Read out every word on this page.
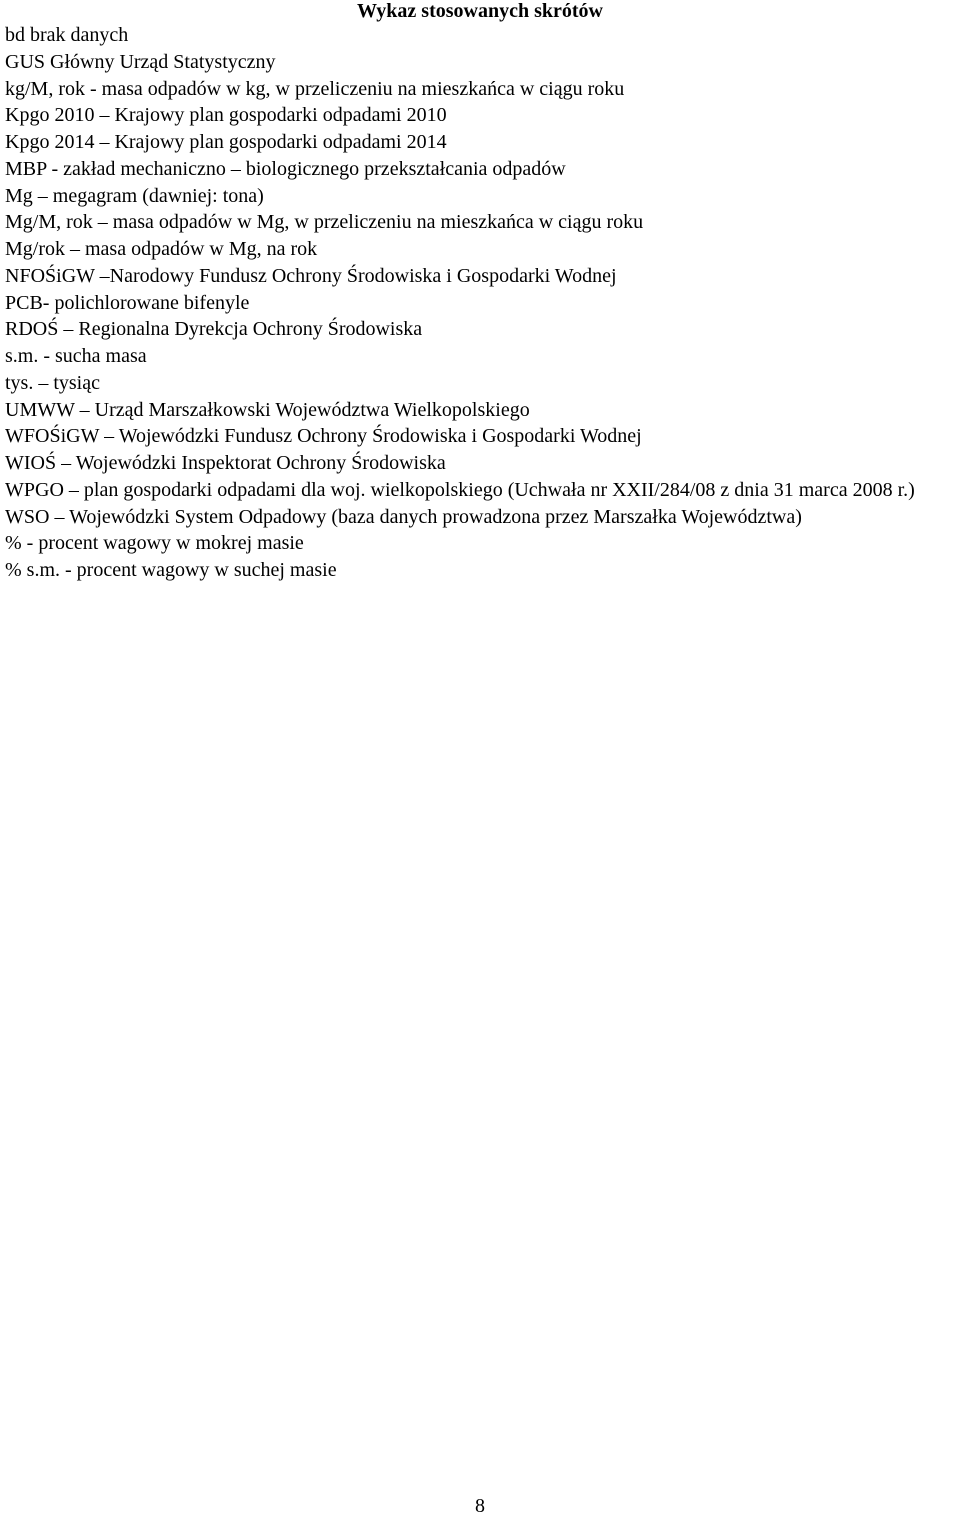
Wykaz stosowanych skrótów
bd brak danych
GUS Główny Urząd Statystyczny
kg/M, rok - masa odpadów w kg, w przeliczeniu na mieszkańca w ciągu roku
Kpgo 2010 – Krajowy plan gospodarki odpadami 2010
Kpgo 2014 – Krajowy plan gospodarki odpadami 2014
MBP - zakład mechaniczno – biologicznego przekształcania odpadów
Mg – megagram (dawniej: tona)
Mg/M, rok – masa odpadów w Mg, w przeliczeniu na mieszkańca w ciągu roku
Mg/rok – masa odpadów w Mg, na rok
NFOŚiGW –Narodowy Fundusz Ochrony Środowiska i Gospodarki Wodnej
PCB- polichlorowane bifenyle
RDOŚ – Regionalna Dyrekcja Ochrony Środowiska
s.m. - sucha masa
tys. – tysiąc
UMWW – Urząd Marszałkowski Województwa Wielkopolskiego
WFOŚiGW – Wojewódzki Fundusz Ochrony Środowiska i Gospodarki Wodnej
WIOŚ – Wojewódzki Inspektorat Ochrony Środowiska
WPGO – plan gospodarki odpadami dla woj. wielkopolskiego (Uchwała nr XXII/284/08 z dnia 31 marca 2008 r.)
WSO – Wojewódzki System Odpadowy (baza danych prowadzona przez Marszałka Województwa)
% - procent wagowy w mokrej masie
% s.m. - procent wagowy w suchej masie
8
